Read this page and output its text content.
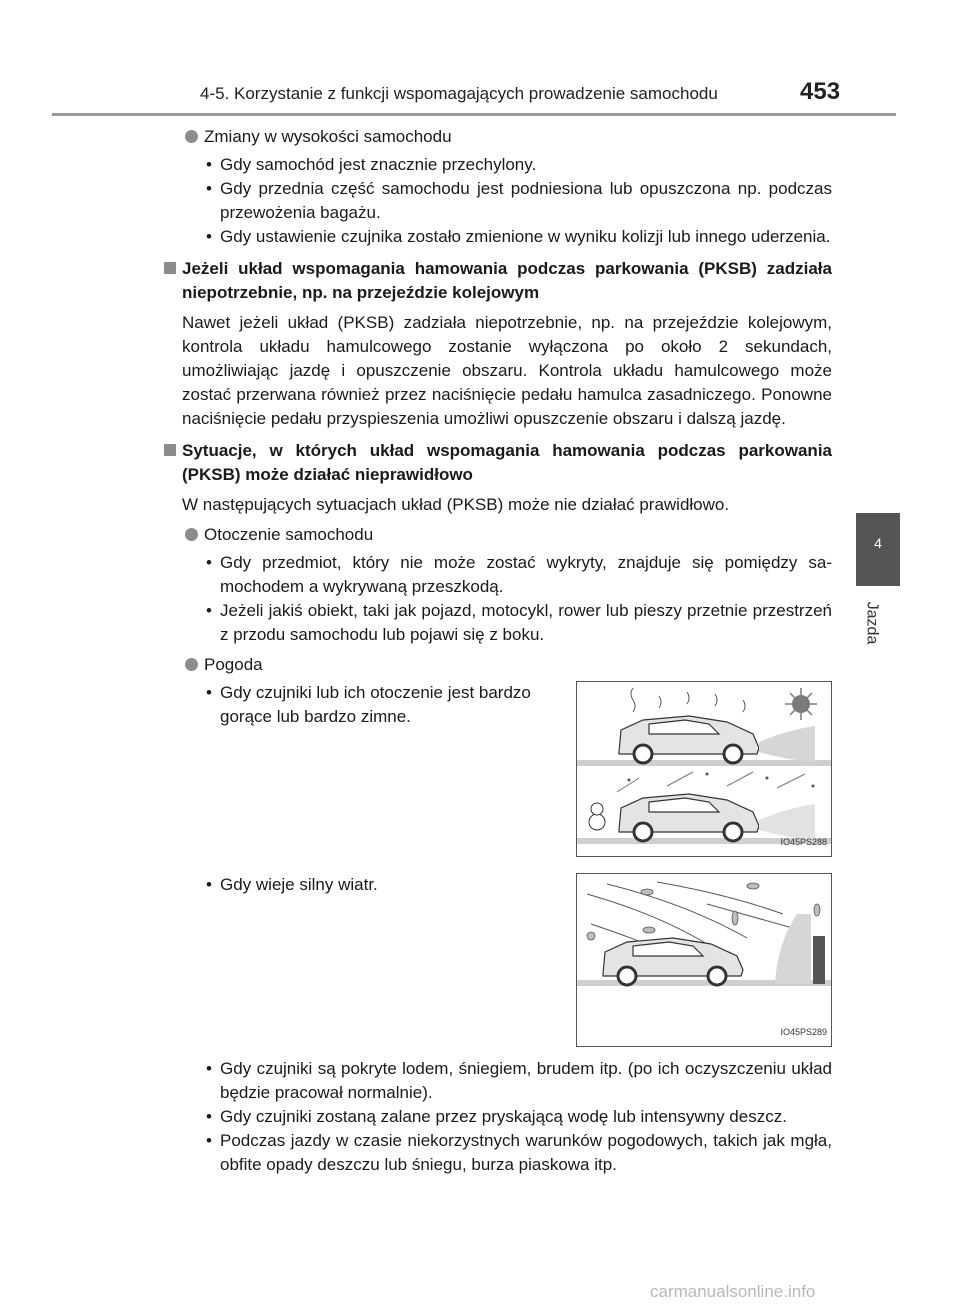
4-5. Korzystanie z funkcji wspomagających prowadzenie samochodu	453
4
Jazda
Zmiany w wysokości samochodu
• Gdy samochód jest znacznie przechylony.
• Gdy przednia część samochodu jest podniesiona lub opuszczona np. podczas przewożenia bagażu.
• Gdy ustawienie czujnika zostało zmienione w wyniku kolizji lub innego uderzenia.
Jeżeli układ wspomagania hamowania podczas parkowania (PKSB) zadziała niepotrzebnie, np. na przejeździe kolejowym
Nawet jeżeli układ (PKSB) zadziała niepotrzebnie, np. na przejeździe kolejowym, kontrola układu hamulcowego zostanie wyłączona po około 2 sekundach, umożliwiając jazdę i opuszczenie obszaru. Kontrola układu hamulcowego może zostać przerwana również przez naciśnięcie pedału hamulca zasadniczego. Ponowne naciśnięcie pedału przyspieszenia umożliwi opuszczenie obszaru i dalszą jazdę.
Sytuacje, w których układ wspomagania hamowania podczas parkowania (PKSB) może działać nieprawidłowo
W następujących sytuacjach układ (PKSB) może nie działać prawidłowo.
Otoczenie samochodu
• Gdy przedmiot, który nie może zostać wykryty, znajduje się pomiędzy samochodem a wykrywaną przeszkodą.
• Jeżeli jakiś obiekt, taki jak pojazd, motocykl, rower lub pieszy przetnie przestrzeń z przodu samochodu lub pojawi się z boku.
Pogoda
• Gdy czujniki lub ich otoczenie jest bardzo gorące lub bardzo zimne.
IO45PS288
• Gdy wieje silny wiatr.
IO45PS289
• Gdy czujniki są pokryte lodem, śniegiem, brudem itp. (po ich oczyszczeniu układ będzie pracował normalnie).
• Gdy czujniki zostaną zalane przez pryskającą wodę lub intensywny deszcz.
• Podczas jazdy w czasie niekorzystnych warunków pogodowych, takich jak mgła, obfite opady deszczu lub śniegu, burza piaskowa itp.
carmanualsonline.info
